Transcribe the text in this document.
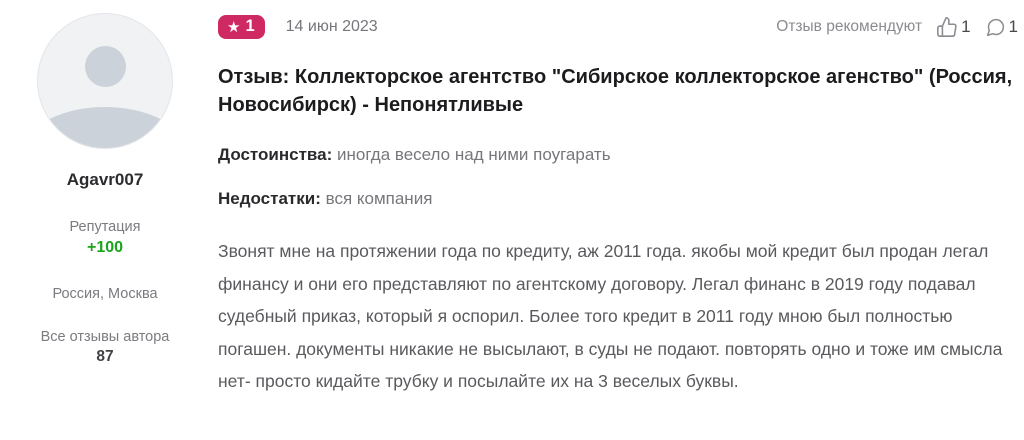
Agavr007
Репутация
+100
Россия, Москва
Все отзывы автора
87
★ 1 14 июн 2023	Отзыв рекомендуют 1 1
Отзыв: Коллекторское агентство "Сибирское коллекторское агенство" (Россия, Новосибирск) - Непонятливые
Достоинства: иногда весело над ними поугарать
Недостатки: вся компания

Звонят мне на протяжении года по кредиту, аж 2011 года. якобы мой кредит был продан легал финансу и они его представляют по агентскому договору. Легал финанс в 2019 году подавал судебный приказ, который я оспорил. Более того кредит в 2011 году мною был полностью погашен. документы никакие не высылают, в суды не подают. повторять одно и тоже им смысла нет- просто кидайте трубку и посылайте их на 3 веселых буквы.
